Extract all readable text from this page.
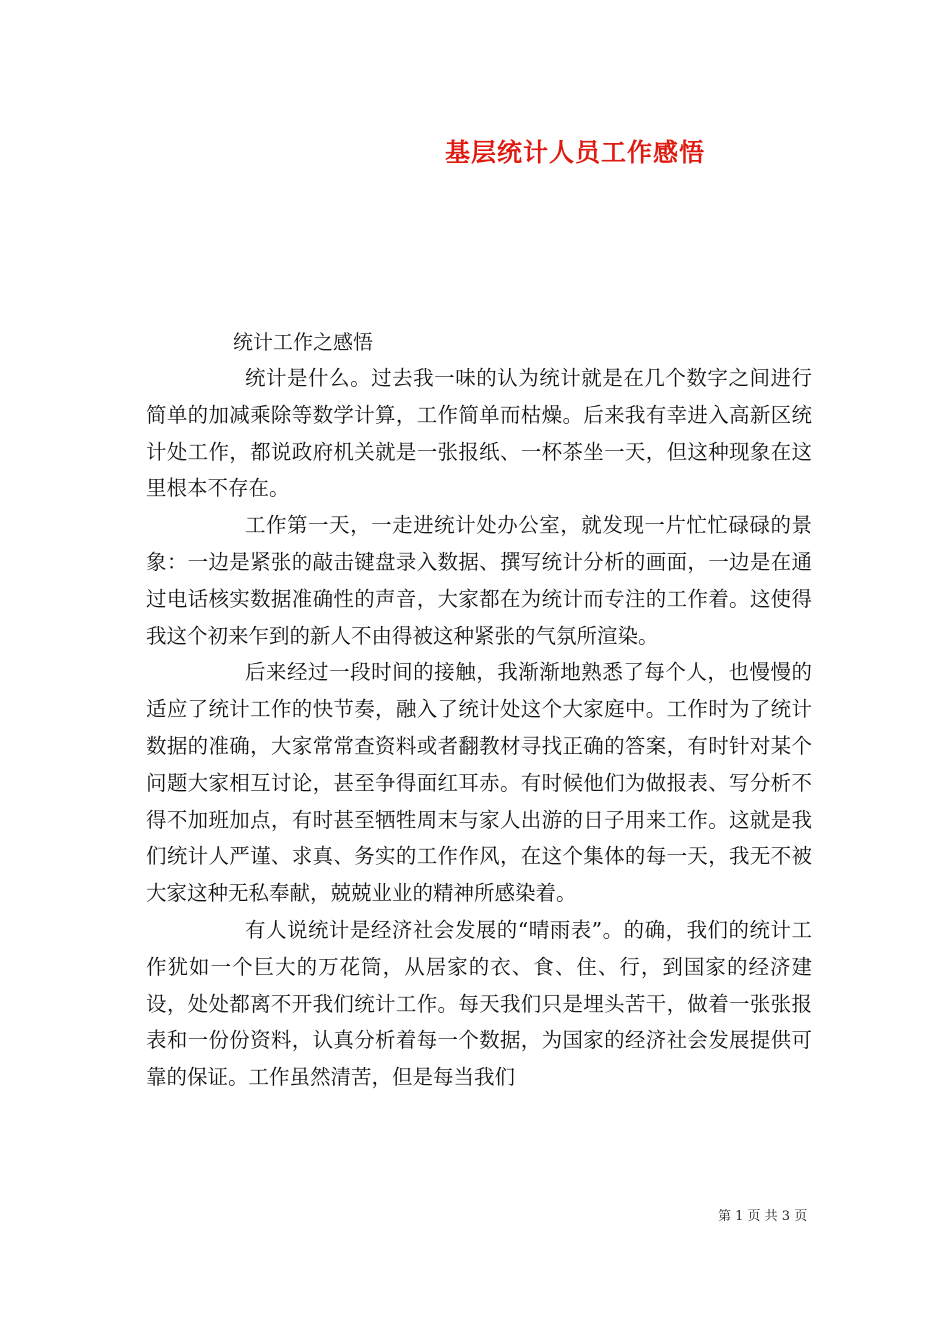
基层统计人员工作感悟
统计工作之感悟

统计是什么。过去我一味的认为统计就是在几个数字之间进行简单的加减乘除等数学计算，工作简单而枯燥。后来我有幸进入高新区统计处工作，都说政府机关就是一张报纸、一杯茶坐一天，但这种现象在这里根本不存在。

工作第一天，一走进统计处办公室，就发现一片忙忙碌碌的景象：一边是紧张的敲击键盘录入数据、撰写统计分析的画面，一边是在通过电话核实数据准确性的声音，大家都在为统计而专注的工作着。这使得我这个初来乍到的新人不由得被这种紧张的气氛所渲染。

后来经过一段时间的接触，我渐渐地熟悉了每个人，也慢慢的适应了统计工作的快节奏，融入了统计处这个大家庭中。工作时为了统计数据的准确，大家常常查资料或者翻教材寻找正确的答案，有时针对某个问题大家相互讨论，甚至争得面红耳赤。有时候他们为做报表、写分析不得不加班加点，有时甚至牺牲周末与家人出游的日子用来工作。这就是我们统计人严谨、求真、务实的工作作风，在这个集体的每一天，我无不被大家这种无私奉献，兢兢业业的精神所感染着。

有人说统计是经济社会发展的“晴雨表”。的确，我们的统计工作犹如一个巨大的万花筒，从居家的衣、食、住、行，到国家的经济建设，处处都离不开我们统计工作。每天我们只是埋头苦干，做着一张张报表和一份份资料，认真分析着每一个数据，为国家的经济社会发展提供可靠的保证。工作虽然清苦，但是每当我们

第 1 页 共 3 页
